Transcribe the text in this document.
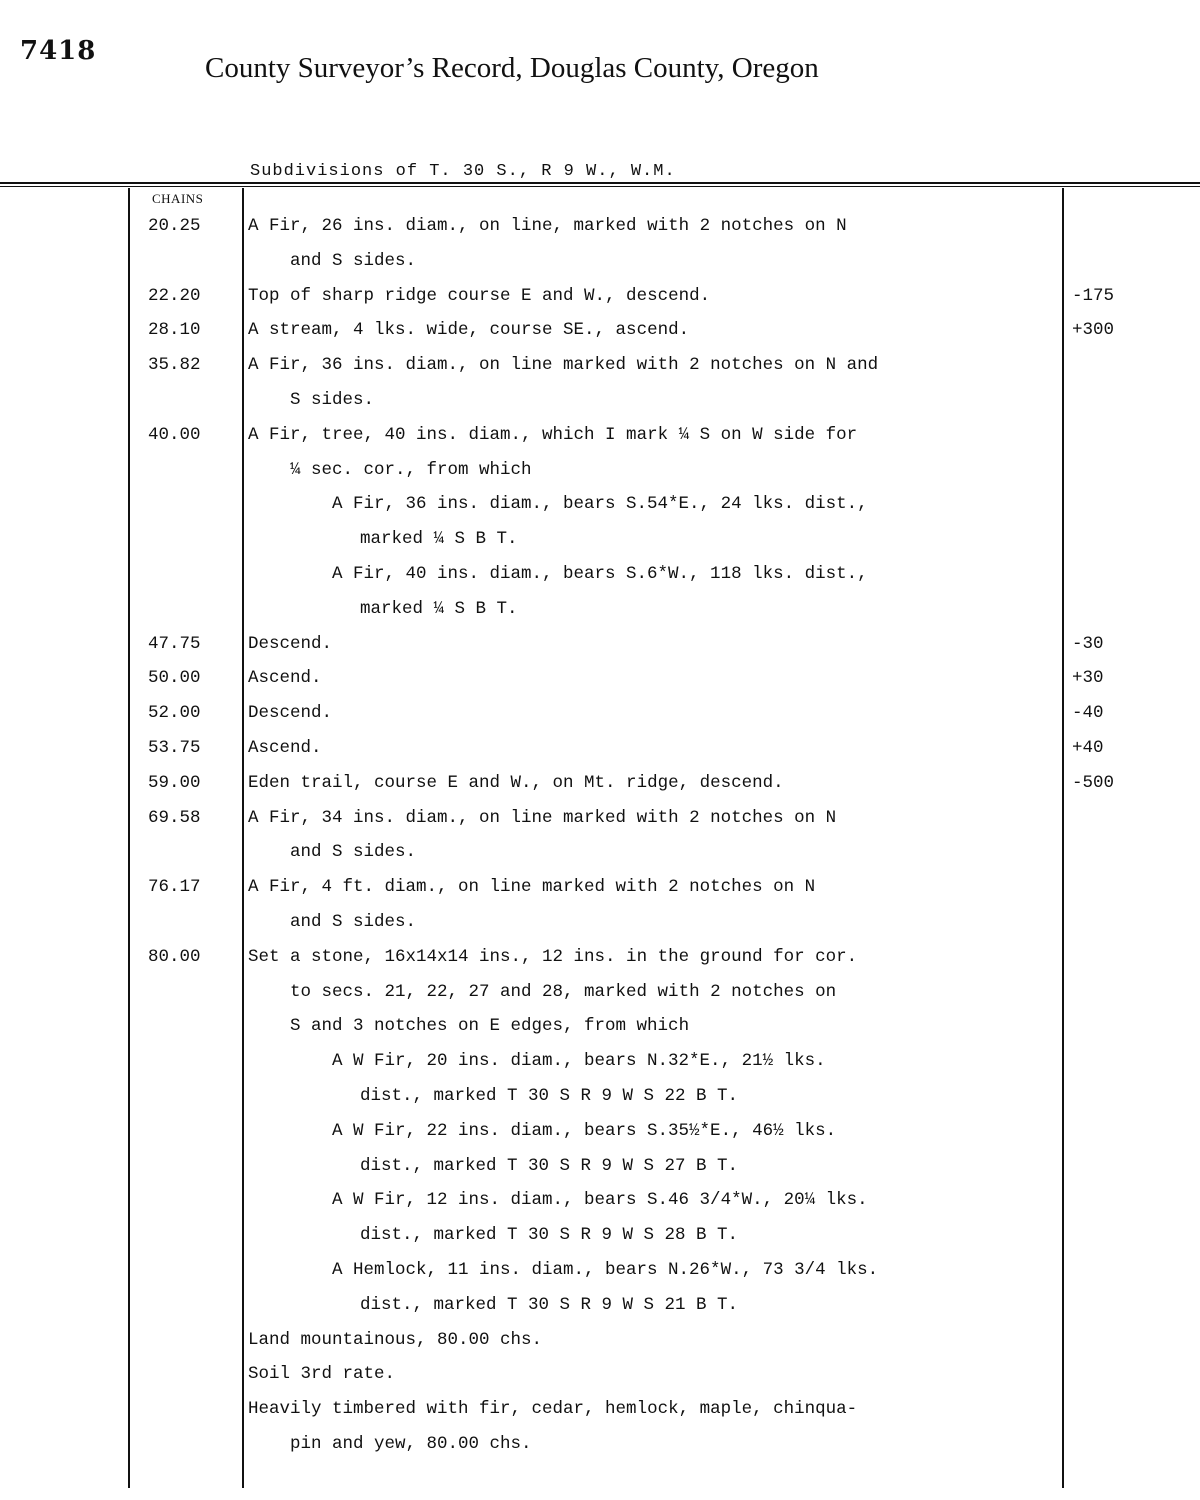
7418
County Surveyor’s Record, Douglas County, Oregon
Subdivisions of T. 30 S., R 9 W., W.M.
CHAINS
20.25	A Fir, 26 ins. diam., on line, marked with 2 notches on N
and S sides.
22.20	Top of sharp ridge course E and W., descend.	-175
28.10	A stream, 4 lks. wide, course SE., ascend.	+300
35.82	A Fir, 36 ins. diam., on line marked with 2 notches on N and
S sides.
40.00	A Fir, tree, 40 ins. diam., which I mark ¼ S on W side for
¼ sec. cor., from which
A Fir, 36 ins. diam., bears S.54*E., 24 lks. dist.,
marked ¼ S B T.
A Fir, 40 ins. diam., bears S.6*W., 118 lks. dist.,
marked ¼ S B T.
47.75	Descend.	-30
50.00	Ascend.	+30
52.00	Descend.	-40
53.75	Ascend.	+40
59.00	Eden trail, course E and W., on Mt. ridge, descend.	-500
69.58	A Fir, 34 ins. diam., on line marked with 2 notches on N
and S sides.
76.17	A Fir, 4 ft. diam., on line marked with 2 notches on N
and S sides.
80.00	Set a stone, 16x14x14 ins., 12 ins. in the ground for cor.
to secs. 21, 22, 27 and 28, marked with 2 notches on
S and 3 notches on E edges, from which
A W Fir, 20 ins. diam., bears N.32*E., 21½ lks.
dist., marked T 30 S R 9 W S 22 B T.
A W Fir, 22 ins. diam., bears S.35½*E., 46½ lks.
dist., marked T 30 S R 9 W S 27 B T.
A W Fir, 12 ins. diam., bears S.46 3/4*W., 20¼ lks.
dist., marked T 30 S R 9 W S 28 B T.
A Hemlock, 11 ins. diam., bears N.26*W., 73 3/4 lks.
dist., marked T 30 S R 9 W S 21 B T.
Land mountainous, 80.00 chs.
Soil 3rd rate.
Heavily timbered with fir, cedar, hemlock, maple, chinqua-
pin and yew, 80.00 chs.
